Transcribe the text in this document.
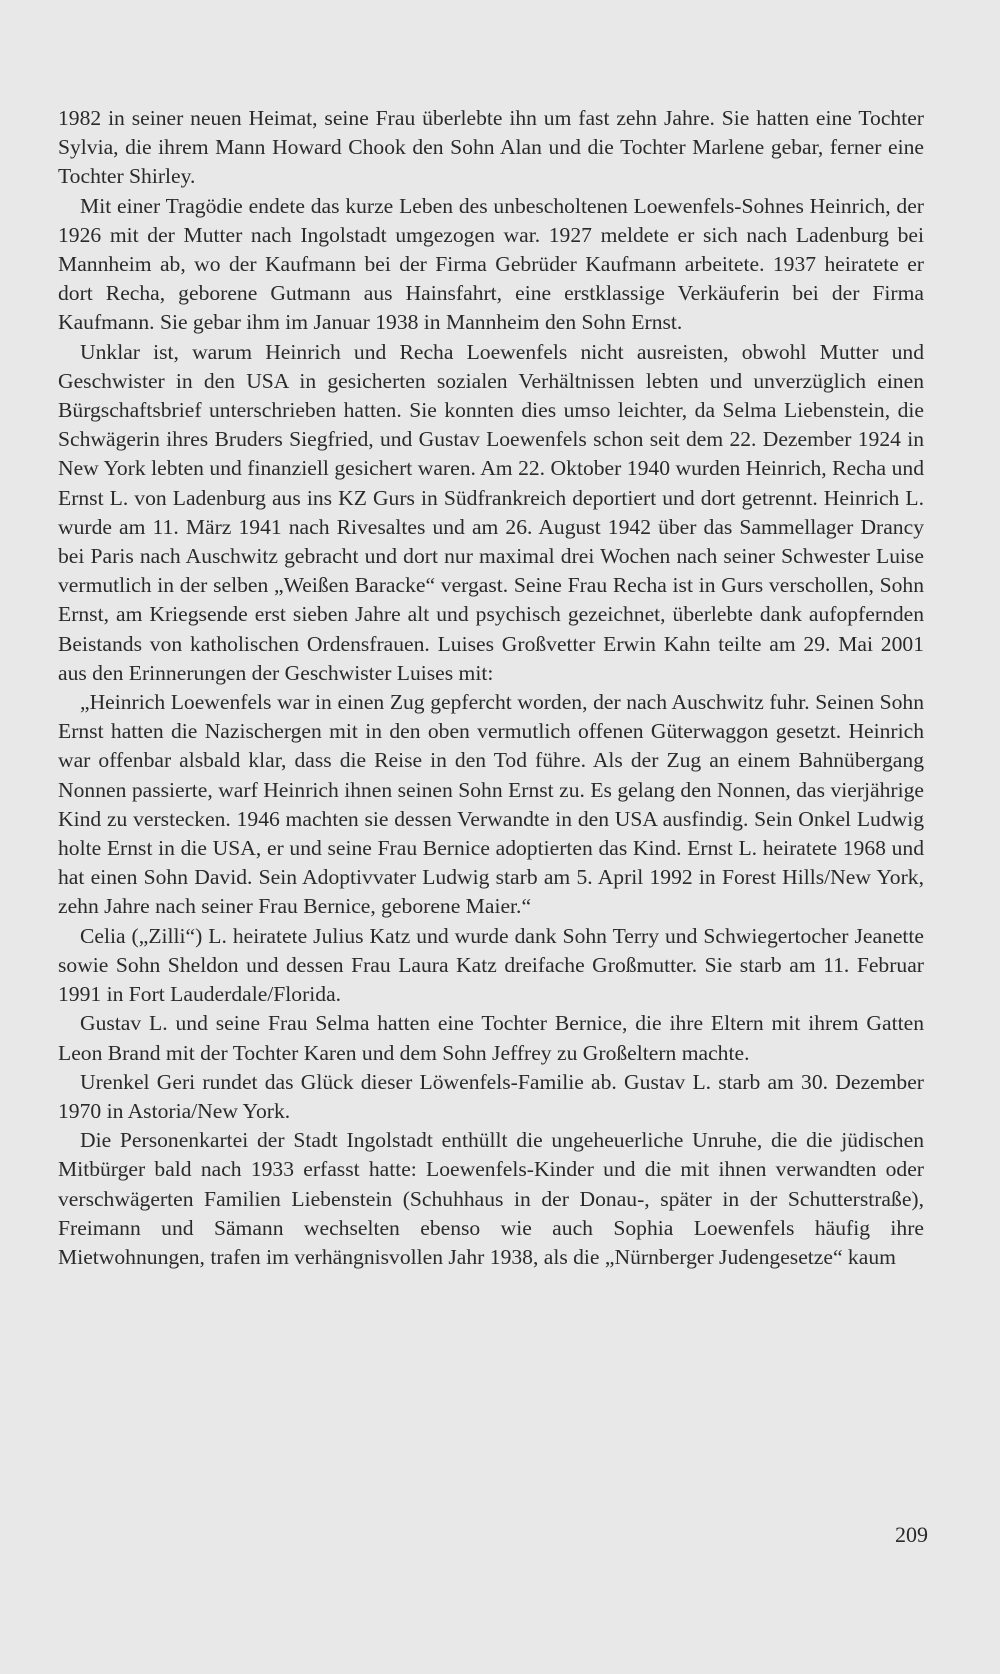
1982 in seiner neuen Heimat, seine Frau überlebte ihn um fast zehn Jahre. Sie hatten eine Tochter Sylvia, die ihrem Mann Howard Chook den Sohn Alan und die Tochter Marlene gebar, ferner eine Tochter Shirley.

Mit einer Tragödie endete das kurze Leben des unbescholtenen Loewenfels-Sohnes Heinrich, der 1926 mit der Mutter nach Ingolstadt umgezogen war. 1927 meldete er sich nach Ladenburg bei Mannheim ab, wo der Kaufmann bei der Firma Gebrüder Kaufmann arbeitete. 1937 heiratete er dort Recha, geborene Gutmann aus Hainsfahrt, eine erstklassige Verkäuferin bei der Firma Kaufmann. Sie gebar ihm im Januar 1938 in Mannheim den Sohn Ernst.

Unklar ist, warum Heinrich und Recha Loewenfels nicht ausreisten, obwohl Mutter und Geschwister in den USA in gesicherten sozialen Verhältnissen lebten und unverzüglich einen Bürgschaftsbrief unterschrieben hatten. Sie konnten dies umso leichter, da Selma Liebenstein, die Schwägerin ihres Bruders Siegfried, und Gustav Loewenfels schon seit dem 22. Dezember 1924 in New York lebten und finanziell gesichert waren. Am 22. Oktober 1940 wurden Heinrich, Recha und Ernst L. von Ladenburg aus ins KZ Gurs in Südfrankreich deportiert und dort getrennt. Heinrich L. wurde am 11. März 1941 nach Rivesaltes und am 26. August 1942 über das Sammellager Drancy bei Paris nach Auschwitz gebracht und dort nur maximal drei Wochen nach seiner Schwester Luise vermutlich in der selben „Weißen Baracke“ vergast. Seine Frau Recha ist in Gurs verschollen, Sohn Ernst, am Kriegsende erst sieben Jahre alt und psychisch gezeichnet, überlebte dank aufopfernden Beistands von katholischen Ordensfrauen. Luises Großvetter Erwin Kahn teilte am 29. Mai 2001 aus den Erinnerungen der Geschwister Luises mit:

„Heinrich Loewenfels war in einen Zug gepfercht worden, der nach Auschwitz fuhr. Seinen Sohn Ernst hatten die Nazischergen mit in den oben vermutlich offenen Güterwaggon gesetzt. Heinrich war offenbar alsbald klar, dass die Reise in den Tod führe. Als der Zug an einem Bahnübergang Nonnen passierte, warf Heinrich ihnen seinen Sohn Ernst zu. Es gelang den Nonnen, das vierjährige Kind zu verstecken. 1946 machten sie dessen Verwandte in den USA ausfindig. Sein Onkel Ludwig holte Ernst in die USA, er und seine Frau Bernice adoptierten das Kind. Ernst L. heiratete 1968 und hat einen Sohn David. Sein Adoptivvater Ludwig starb am 5. April 1992 in Forest Hills/New York, zehn Jahre nach seiner Frau Bernice, geborene Maier.“

Celia („Zilli“) L. heiratete Julius Katz und wurde dank Sohn Terry und Schwiegertocher Jeanette sowie Sohn Sheldon und dessen Frau Laura Katz dreifache Großmutter. Sie starb am 11. Februar 1991 in Fort Lauderdale/Florida.

Gustav L. und seine Frau Selma hatten eine Tochter Bernice, die ihre Eltern mit ihrem Gatten Leon Brand mit der Tochter Karen und dem Sohn Jeffrey zu Großeltern machte.

Urenkel Geri rundet das Glück dieser Löwenfels-Familie ab. Gustav L. starb am 30. Dezember 1970 in Astoria/New York.

Die Personenkartei der Stadt Ingolstadt enthüllt die ungeheuerliche Unruhe, die die jüdischen Mitbürger bald nach 1933 erfasst hatte: Loewenfels-Kinder und die mit ihnen verwandten oder verschwägerten Familien Liebenstein (Schuhhaus in der Donau-, später in der Schutterstraße), Freimann und Sämann wechselten ebenso wie auch Sophia Loewenfels häufig ihre Mietwohnungen, trafen im verhängnisvollen Jahr 1938, als die „Nürnberger Judengesetze“ kaum

209
